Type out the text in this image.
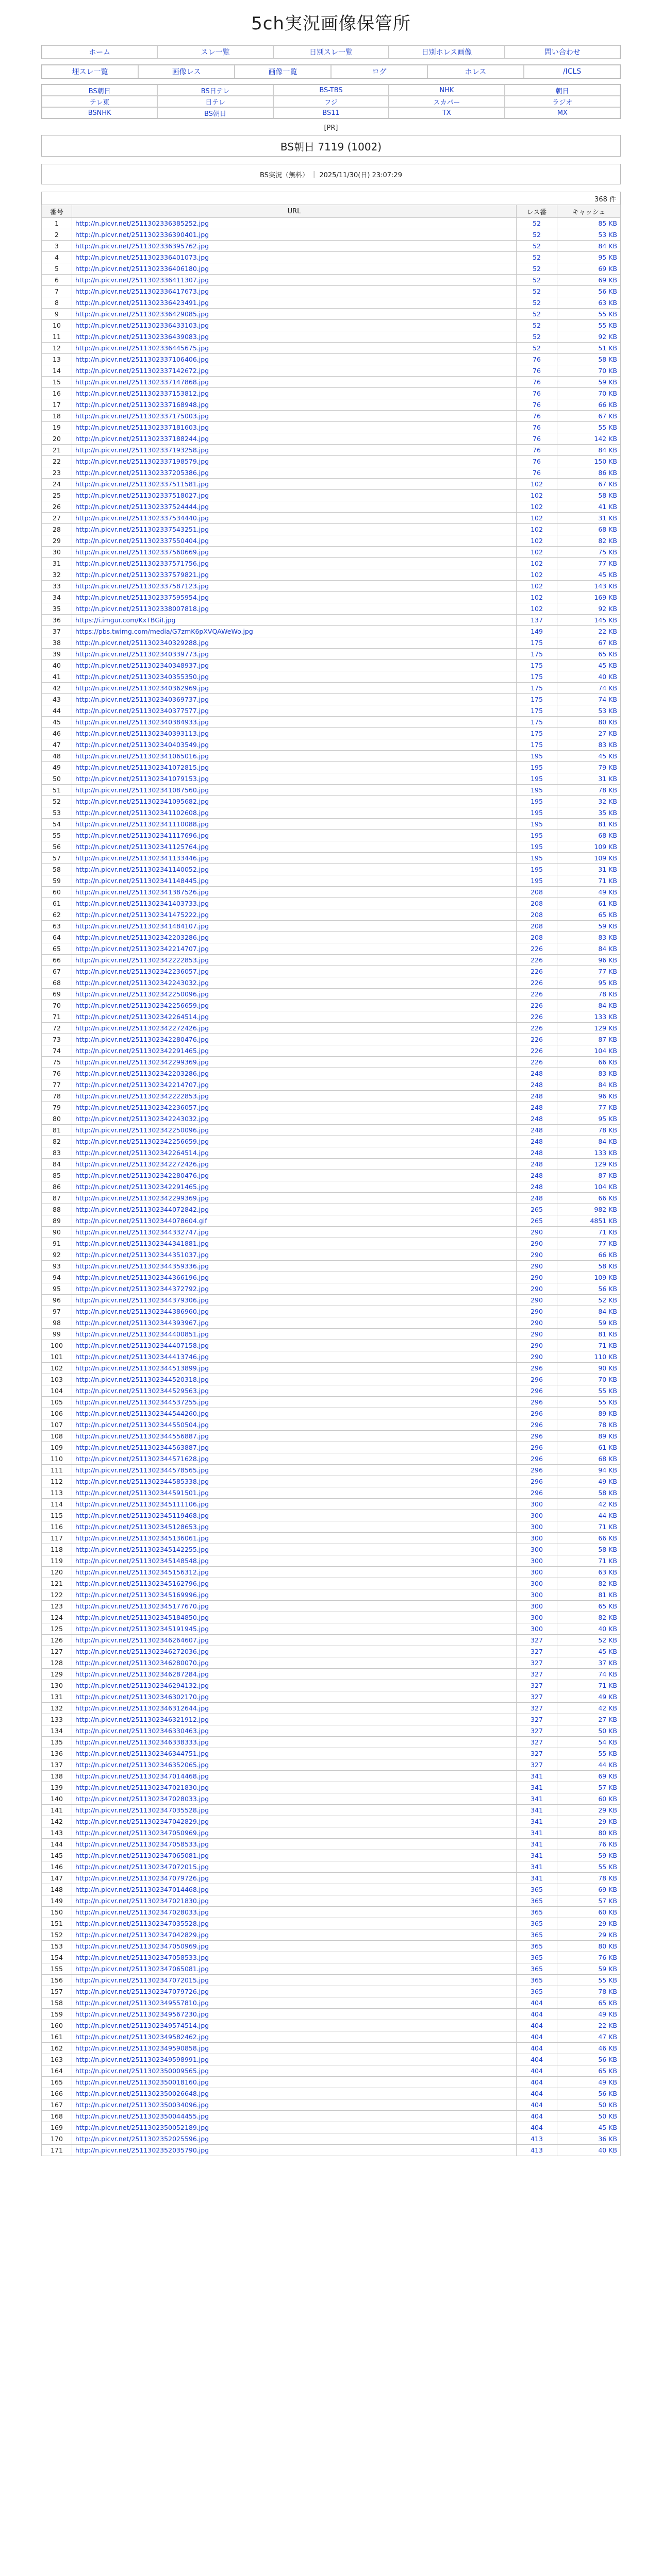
5ch実況画像保管所
ホーム	スレ一覧	日別スレ一覧	日別ホレス画像	問い合わせ
埋スレ一覧	画像レス	画像一覧	ログ	ホレス	/ICLS
BS朝日	BS日テレ	BS-TBS	NHK	朝日
テレ東	日テレ	フジ	スカパー	ラジオ
BSNHK	BS朝日	BS11	TX	MX
[PR]
BS朝日 7119 (1002)
BS実況（無料） | 2025/11/30(日) 23:07:29
368 件
番号	URL	レス番	キャッシュ
1	http://n.picvr.net/2511302336385252.jpg	52	85 KB
2	http://n.picvr.net/2511302336390401.jpg	52	53 KB
3	http://n.picvr.net/2511302336395762.jpg	52	84 KB
4	http://n.picvr.net/2511302336401073.jpg	52	95 KB
5	http://n.picvr.net/2511302336406180.jpg	52	69 KB
6	http://n.picvr.net/2511302336411307.jpg	52	69 KB
7	http://n.picvr.net/2511302336417673.jpg	52	56 KB
8	http://n.picvr.net/2511302336423491.jpg	52	63 KB
9	http://n.picvr.net/2511302336429085.jpg	52	55 KB
10	http://n.picvr.net/2511302336433103.jpg	52	55 KB
11	http://n.picvr.net/2511302336439083.jpg	52	92 KB
12	http://n.picvr.net/2511302336445675.jpg	52	51 KB
13	http://n.picvr.net/2511302337106406.jpg	76	58 KB
14	http://n.picvr.net/2511302337142672.jpg	76	70 KB
15	http://n.picvr.net/2511302337147868.jpg	76	59 KB
16	http://n.picvr.net/2511302337153812.jpg	76	70 KB
17	http://n.picvr.net/2511302337168948.jpg	76	66 KB
18	http://n.picvr.net/2511302337175003.jpg	76	67 KB
19	http://n.picvr.net/2511302337181603.jpg	76	55 KB
20	http://n.picvr.net/2511302337188244.jpg	76	142 KB
21	http://n.picvr.net/2511302337193258.jpg	76	84 KB
22	http://n.picvr.net/2511302337198579.jpg	76	150 KB
23	http://n.picvr.net/2511302337205386.jpg	76	86 KB
24	http://n.picvr.net/2511302337511581.jpg	102	67 KB
25	http://n.picvr.net/2511302337518027.jpg	102	58 KB
26	http://n.picvr.net/2511302337524444.jpg	102	41 KB
27	http://n.picvr.net/2511302337534440.jpg	102	31 KB
28	http://n.picvr.net/2511302337543251.jpg	102	68 KB
29	http://n.picvr.net/2511302337550404.jpg	102	82 KB
30	http://n.picvr.net/2511302337560669.jpg	102	75 KB
31	http://n.picvr.net/2511302337571756.jpg	102	77 KB
32	http://n.picvr.net/2511302337579821.jpg	102	45 KB
33	http://n.picvr.net/2511302337587123.jpg	102	143 KB
34	http://n.picvr.net/2511302337595954.jpg	102	169 KB
35	http://n.picvr.net/2511302338007818.jpg	102	92 KB
36	https://i.imgur.com/KxTBGiI.jpg	137	145 KB
37	https://pbs.twimg.com/media/G7zmK6pXVQAWeWo.jpg	149	22 KB
38	http://n.picvr.net/2511302340329288.jpg	175	67 KB
39	http://n.picvr.net/2511302340339773.jpg	175	65 KB
40	http://n.picvr.net/2511302340348937.jpg	175	45 KB
41	http://n.picvr.net/2511302340355350.jpg	175	40 KB
42	http://n.picvr.net/2511302340362969.jpg	175	74 KB
43	http://n.picvr.net/2511302340369737.jpg	175	74 KB
44	http://n.picvr.net/2511302340377577.jpg	175	53 KB
45	http://n.picvr.net/2511302340384933.jpg	175	80 KB
46	http://n.picvr.net/2511302340393113.jpg	175	27 KB
47	http://n.picvr.net/2511302340403549.jpg	175	83 KB
48	http://n.picvr.net/2511302341065016.jpg	195	45 KB
49	http://n.picvr.net/2511302341072815.jpg	195	79 KB
50	http://n.picvr.net/2511302341079153.jpg	195	31 KB
51	http://n.picvr.net/2511302341087560.jpg	195	78 KB
52	http://n.picvr.net/2511302341095682.jpg	195	32 KB
53	http://n.picvr.net/2511302341102608.jpg	195	35 KB
54	http://n.picvr.net/2511302341110088.jpg	195	81 KB
55	http://n.picvr.net/2511302341117696.jpg	195	68 KB
56	http://n.picvr.net/2511302341125764.jpg	195	109 KB
57	http://n.picvr.net/2511302341133446.jpg	195	109 KB
58	http://n.picvr.net/2511302341140052.jpg	195	31 KB
59	http://n.picvr.net/2511302341148445.jpg	195	71 KB
60	http://n.picvr.net/2511302341387526.jpg	208	49 KB
61	http://n.picvr.net/2511302341403733.jpg	208	61 KB
62	http://n.picvr.net/2511302341475222.jpg	208	65 KB
63	http://n.picvr.net/2511302341484107.jpg	208	59 KB
64	http://n.picvr.net/2511302342203286.jpg	208	83 KB
65	http://n.picvr.net/2511302342214707.jpg	226	84 KB
66	http://n.picvr.net/2511302342222853.jpg	226	96 KB
67	http://n.picvr.net/2511302342236057.jpg	226	77 KB
68	http://n.picvr.net/2511302342243032.jpg	226	95 KB
69	http://n.picvr.net/2511302342250096.jpg	226	78 KB
70	http://n.picvr.net/2511302342256659.jpg	226	84 KB
71	http://n.picvr.net/2511302342264514.jpg	226	133 KB
72	http://n.picvr.net/2511302342272426.jpg	226	129 KB
73	http://n.picvr.net/2511302342280476.jpg	226	87 KB
74	http://n.picvr.net/2511302342291465.jpg	226	104 KB
75	http://n.picvr.net/2511302342299369.jpg	226	66 KB
76	http://n.picvr.net/2511302342203286.jpg	248	83 KB
77	http://n.picvr.net/2511302342214707.jpg	248	84 KB
78	http://n.picvr.net/2511302342222853.jpg	248	96 KB
79	http://n.picvr.net/2511302342236057.jpg	248	77 KB
80	http://n.picvr.net/2511302342243032.jpg	248	95 KB
81	http://n.picvr.net/2511302342250096.jpg	248	78 KB
82	http://n.picvr.net/2511302342256659.jpg	248	84 KB
83	http://n.picvr.net/2511302342264514.jpg	248	133 KB
84	http://n.picvr.net/2511302342272426.jpg	248	129 KB
85	http://n.picvr.net/2511302342280476.jpg	248	87 KB
86	http://n.picvr.net/2511302342291465.jpg	248	104 KB
87	http://n.picvr.net/2511302342299369.jpg	248	66 KB
88	http://n.picvr.net/2511302344072842.jpg	265	982 KB
89	http://n.picvr.net/2511302344078604.gif	265	4851 KB
90	http://n.picvr.net/2511302344332747.jpg	290	71 KB
91	http://n.picvr.net/2511302344341881.jpg	290	77 KB
92	http://n.picvr.net/2511302344351037.jpg	290	66 KB
93	http://n.picvr.net/2511302344359336.jpg	290	58 KB
94	http://n.picvr.net/2511302344366196.jpg	290	109 KB
95	http://n.picvr.net/2511302344372792.jpg	290	56 KB
96	http://n.picvr.net/2511302344379306.jpg	290	52 KB
97	http://n.picvr.net/2511302344386960.jpg	290	84 KB
98	http://n.picvr.net/2511302344393967.jpg	290	59 KB
99	http://n.picvr.net/2511302344400851.jpg	290	81 KB
100	http://n.picvr.net/2511302344407158.jpg	290	71 KB
101	http://n.picvr.net/2511302344413746.jpg	290	110 KB
102	http://n.picvr.net/2511302344513899.jpg	296	90 KB
103	http://n.picvr.net/2511302344520318.jpg	296	70 KB
104	http://n.picvr.net/2511302344529563.jpg	296	55 KB
105	http://n.picvr.net/2511302344537255.jpg	296	55 KB
106	http://n.picvr.net/2511302344544260.jpg	296	89 KB
107	http://n.picvr.net/2511302344550504.jpg	296	78 KB
108	http://n.picvr.net/2511302344556887.jpg	296	89 KB
109	http://n.picvr.net/2511302344563887.jpg	296	61 KB
110	http://n.picvr.net/2511302344571628.jpg	296	68 KB
111	http://n.picvr.net/2511302344578565.jpg	296	94 KB
112	http://n.picvr.net/2511302344585338.jpg	296	49 KB
113	http://n.picvr.net/2511302344591501.jpg	296	58 KB
114	http://n.picvr.net/2511302345111106.jpg	300	42 KB
115	http://n.picvr.net/2511302345119468.jpg	300	44 KB
116	http://n.picvr.net/2511302345128653.jpg	300	71 KB
117	http://n.picvr.net/2511302345136061.jpg	300	66 KB
118	http://n.picvr.net/2511302345142255.jpg	300	58 KB
119	http://n.picvr.net/2511302345148548.jpg	300	71 KB
120	http://n.picvr.net/2511302345156312.jpg	300	63 KB
121	http://n.picvr.net/2511302345162796.jpg	300	82 KB
122	http://n.picvr.net/2511302345169996.jpg	300	81 KB
123	http://n.picvr.net/2511302345177670.jpg	300	65 KB
124	http://n.picvr.net/2511302345184850.jpg	300	82 KB
125	http://n.picvr.net/2511302345191945.jpg	300	40 KB
126	http://n.picvr.net/2511302346264607.jpg	327	52 KB
127	http://n.picvr.net/2511302346272036.jpg	327	45 KB
128	http://n.picvr.net/2511302346280070.jpg	327	37 KB
129	http://n.picvr.net/2511302346287284.jpg	327	74 KB
130	http://n.picvr.net/2511302346294132.jpg	327	71 KB
131	http://n.picvr.net/2511302346302170.jpg	327	49 KB
132	http://n.picvr.net/2511302346312644.jpg	327	42 KB
133	http://n.picvr.net/2511302346321912.jpg	327	27 KB
134	http://n.picvr.net/2511302346330463.jpg	327	50 KB
135	http://n.picvr.net/2511302346338333.jpg	327	54 KB
136	http://n.picvr.net/2511302346344751.jpg	327	55 KB
137	http://n.picvr.net/2511302346352065.jpg	327	44 KB
138	http://n.picvr.net/2511302347014468.jpg	341	69 KB
139	http://n.picvr.net/2511302347021830.jpg	341	57 KB
140	http://n.picvr.net/2511302347028033.jpg	341	60 KB
141	http://n.picvr.net/2511302347035528.jpg	341	29 KB
142	http://n.picvr.net/2511302347042829.jpg	341	29 KB
143	http://n.picvr.net/2511302347050969.jpg	341	80 KB
144	http://n.picvr.net/2511302347058533.jpg	341	76 KB
145	http://n.picvr.net/2511302347065081.jpg	341	59 KB
146	http://n.picvr.net/2511302347072015.jpg	341	55 KB
147	http://n.picvr.net/2511302347079726.jpg	341	78 KB
148	http://n.picvr.net/2511302347014468.jpg	365	69 KB
149	http://n.picvr.net/2511302347021830.jpg	365	57 KB
150	http://n.picvr.net/2511302347028033.jpg	365	60 KB
151	http://n.picvr.net/2511302347035528.jpg	365	29 KB
152	http://n.picvr.net/2511302347042829.jpg	365	29 KB
153	http://n.picvr.net/2511302347050969.jpg	365	80 KB
154	http://n.picvr.net/2511302347058533.jpg	365	76 KB
155	http://n.picvr.net/2511302347065081.jpg	365	59 KB
156	http://n.picvr.net/2511302347072015.jpg	365	55 KB
157	http://n.picvr.net/2511302347079726.jpg	365	78 KB
158	http://n.picvr.net/2511302349557810.jpg	404	65 KB
159	http://n.picvr.net/2511302349567230.jpg	404	49 KB
160	http://n.picvr.net/2511302349574514.jpg	404	22 KB
161	http://n.picvr.net/2511302349582462.jpg	404	47 KB
162	http://n.picvr.net/2511302349590858.jpg	404	46 KB
163	http://n.picvr.net/2511302349598991.jpg	404	56 KB
164	http://n.picvr.net/2511302350009565.jpg	404	65 KB
165	http://n.picvr.net/2511302350018160.jpg	404	49 KB
166	http://n.picvr.net/2511302350026648.jpg	404	56 KB
167	http://n.picvr.net/2511302350034096.jpg	404	50 KB
168	http://n.picvr.net/2511302350044455.jpg	404	50 KB
169	http://n.picvr.net/2511302350052189.jpg	404	45 KB
170	http://n.picvr.net/2511302352025596.jpg	413	36 KB
171	http://n.picvr.net/2511302352035790.jpg	413	40 KB
